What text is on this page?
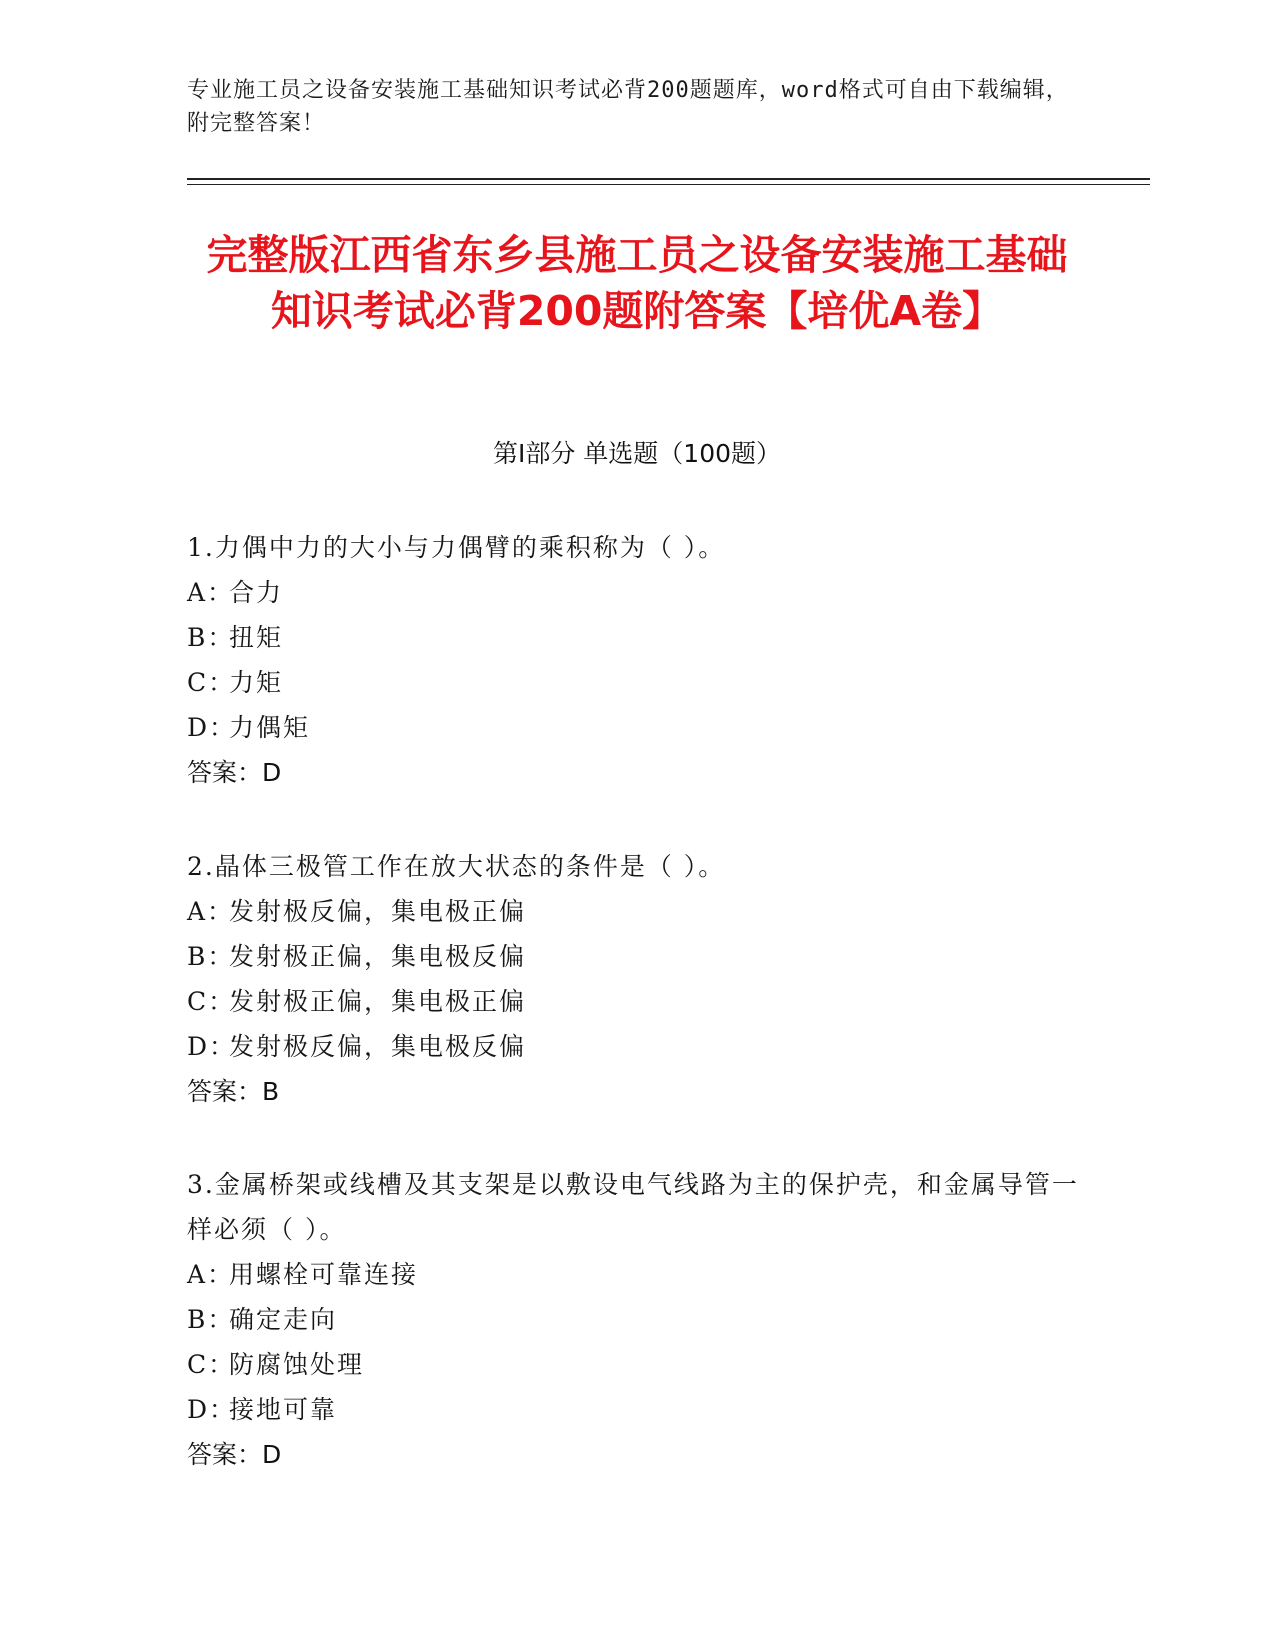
专业施工员之设备安装施工基础知识考试必背200题题库，word格式可自由下载编辑，附完整答案！
完整版江西省东乡县施工员之设备安装施工基础知识考试必背200题附答案【培优A卷】
第Ⅰ部分 单选题（100题）
1.力偶中力的大小与力偶臂的乘积称为（ ）。
A：合力
B：扭矩
C：力矩
D：力偶矩
答案：D
2.晶体三极管工作在放大状态的条件是（ ）。
A：发射极反偏，集电极正偏
B：发射极正偏，集电极反偏
C：发射极正偏，集电极正偏
D：发射极反偏，集电极反偏
答案：B
3.金属桥架或线槽及其支架是以敷设电气线路为主的保护壳，和金属导管一样必须（ ）。
A：用螺栓可靠连接
B：确定走向
C：防腐蚀处理
D：接地可靠
答案：D
